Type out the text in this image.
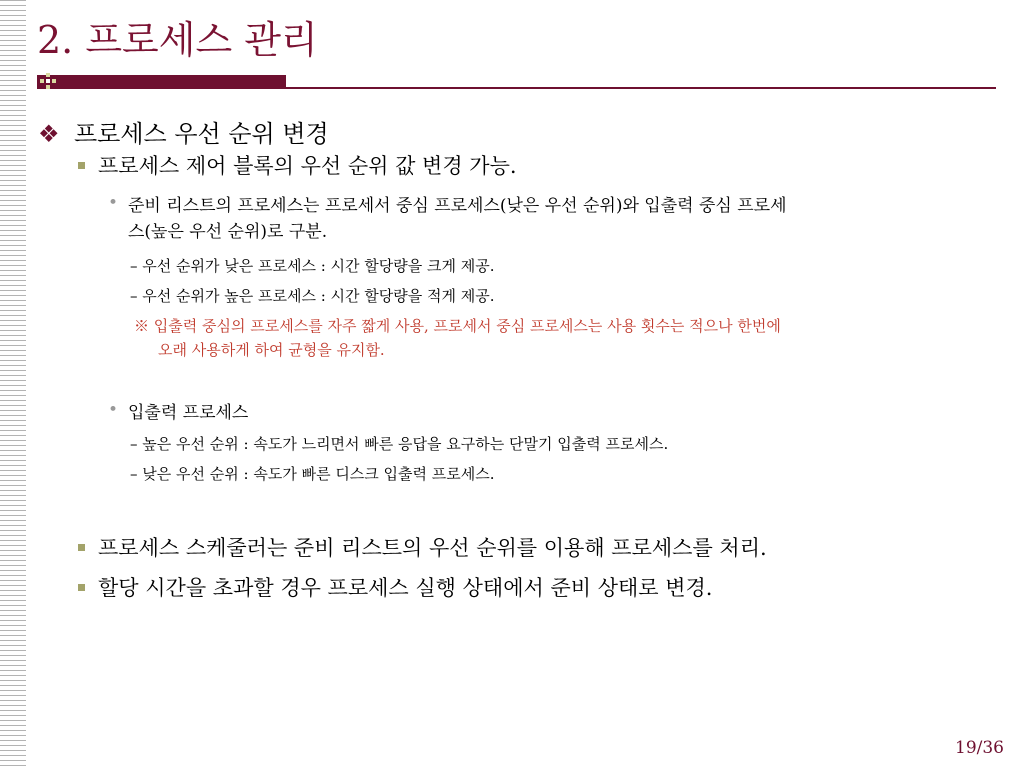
2. 프로세스 관리
❖ 프로세스 우선 순위 변경
프로세스 제어 블록의 우선 순위 값 변경 가능.
• 준비 리스트의 프로세스는 프로세서 중심 프로세스(낮은 우선 순위)와 입출력 중심 프로세
스(높은 우선 순위)로 구분.
– 우선 순위가 낮은 프로세스 : 시간 할당량을 크게 제공.
– 우선 순위가 높은 프로세스 : 시간 할당량을 적게 제공.
※ 입출력 중심의 프로세스를 자주 짧게 사용, 프로세서 중심 프로세스는 사용 횟수는 적으나 한번에
오래 사용하게 하여 균형을 유지함.
• 입출력 프로세스
– 높은 우선 순위 : 속도가 느리면서 빠른 응답을 요구하는 단말기 입출력 프로세스.
– 낮은 우선 순위 : 속도가 빠른 디스크 입출력 프로세스.
프로세스 스케줄러는 준비 리스트의 우선 순위를 이용해 프로세스를 처리.
할당 시간을 초과할 경우 프로세스 실행 상태에서 준비 상태로 변경.
19/36
